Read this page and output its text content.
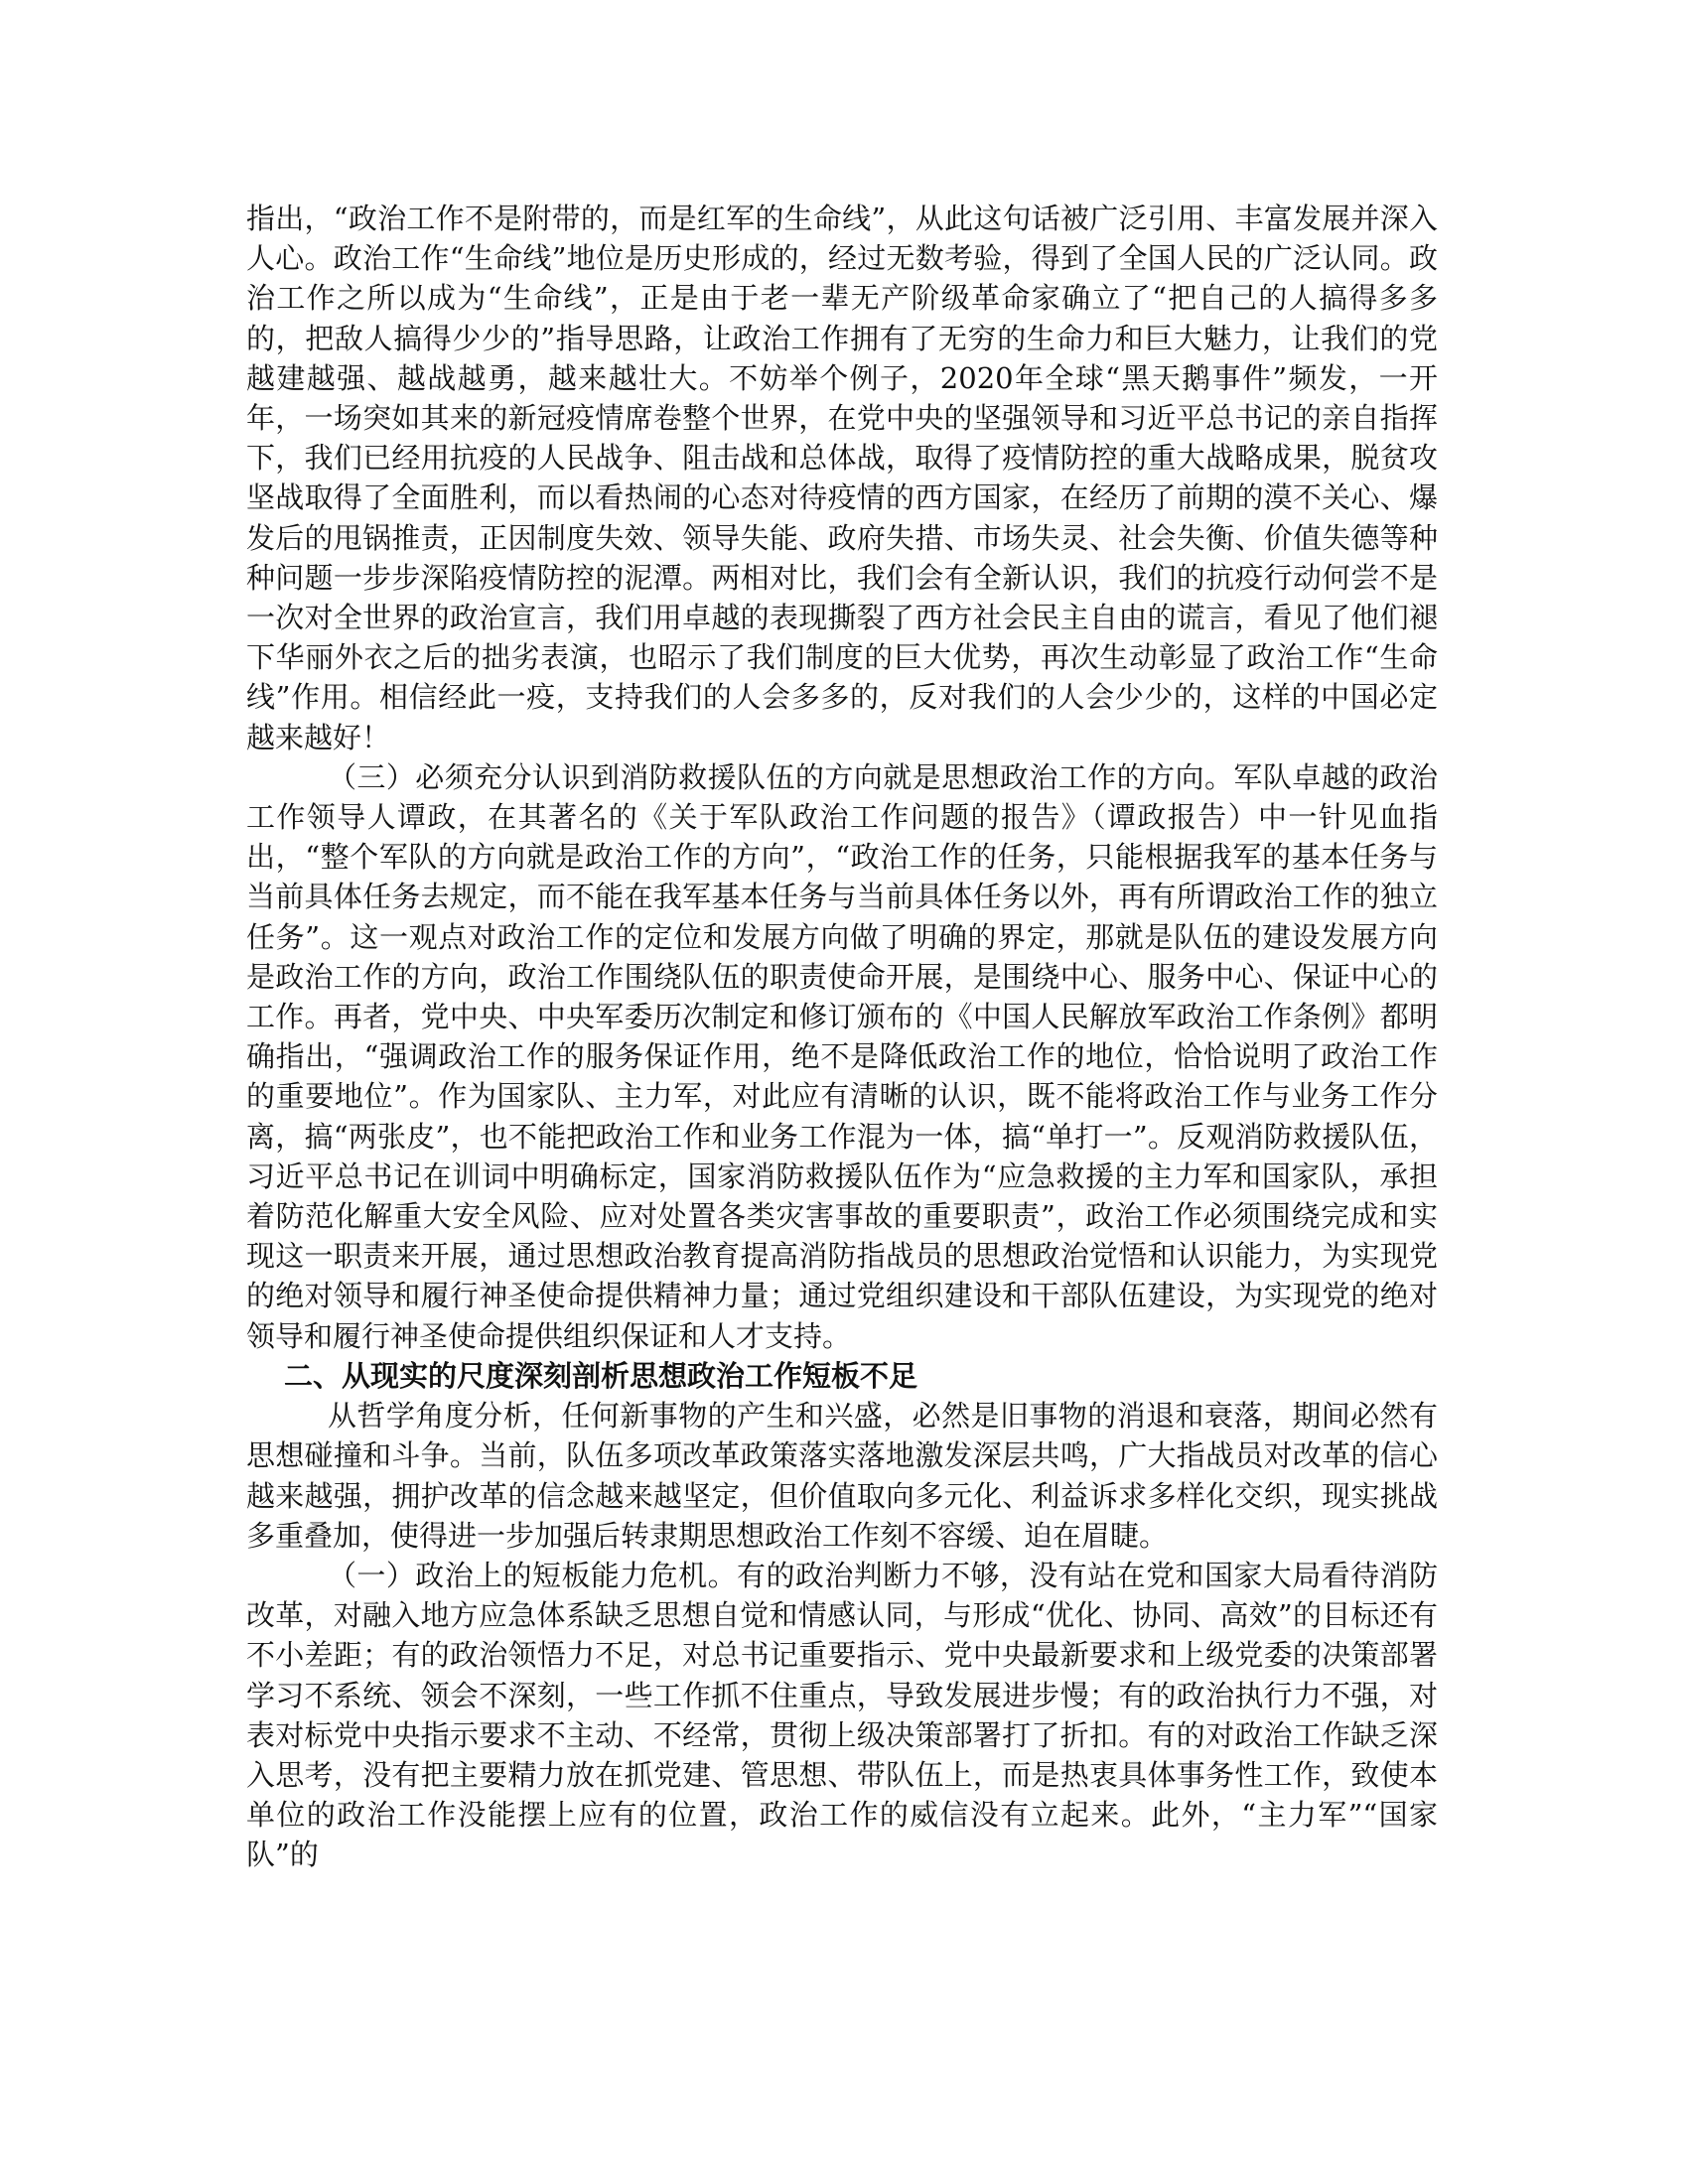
指出，“政治工作不是附带的，而是红军的生命线”，从此这句话被广泛引用、丰富发展并深入人心。政治工作“生命线”地位是历史形成的，经过无数考验，得到了全国人民的广泛认同。政治工作之所以成为“生命线”，正是由于老一辈无产阶级革命家确立了“把自己的人搞得多多的，把敌人搞得少少的”指导思路，让政治工作拥有了无穷的生命力和巨大魅力，让我们的党越建越强、越战越勇，越来越壮大。不妨举个例子，2020年全球“黑天鹅事件”频发，一开年，一场突如其来的新冠疫情席卷整个世界，在党中央的坚强领导和习近平总书记的亲自指挥下，我们已经用抗疫的人民战争、阻击战和总体战，取得了疫情防控的重大战略成果，脱贫攻坚战取得了全面胜利，而以看热闹的心态对待疫情的西方国家，在经历了前期的漠不关心、爆发后的甩锅推责，正因制度失效、领导失能、政府失措、市场失灵、社会失衡、价值失德等种种问题一步步深陷疫情防控的泥潭。两相对比，我们会有全新认识，我们的抗疫行动何尝不是一次对全世界的政治宣言，我们用卓越的表现撕裂了西方社会民主自由的谎言，看见了他们褪下华丽外衣之后的拙劣表演，也昭示了我们制度的巨大优势，再次生动彰显了政治工作“生命线”作用。相信经此一疫，支持我们的人会多多的，反对我们的人会少少的，这样的中国必定越来越好！

（三）必须充分认识到消防救援队伍的方向就是思想政治工作的方向。军队卓越的政治工作领导人谭政，在其著名的《关于军队政治工作问题的报告》（谭政报告）中一针见血指出，“整个军队的方向就是政治工作的方向”，“政治工作的任务，只能根据我军的基本任务与当前具体任务去规定，而不能在我军基本任务与当前具体任务以外，再有所谓政治工作的独立任务”。这一观点对政治工作的定位和发展方向做了明确的界定，那就是队伍的建设发展方向是政治工作的方向，政治工作围绕队伍的职责使命开展，是围绕中心、服务中心、保证中心的工作。再者，党中央、中央军委历次制定和修订颁布的《中国人民解放军政治工作条例》都明确指出，“强调政治工作的服务保证作用，绝不是降低政治工作的地位，恰恰说明了政治工作的重要地位”。作为国家队、主力军，对此应有清晰的认识，既不能将政治工作与业务工作分离，搞“两张皮”，也不能把政治工作和业务工作混为一体，搞“单打一”。反观消防救援队伍，习近平总书记在训词中明确标定，国家消防救援队伍作为“应急救援的主力军和国家队，承担着防范化解重大安全风险、应对处置各类灾害事故的重要职责”，政治工作必须围绕完成和实现这一职责来开展，通过思想政治教育提高消防指战员的思想政治觉悟和认识能力，为实现党的绝对领导和履行神圣使命提供精神力量；通过党组织建设和干部队伍建设，为实现党的绝对领导和履行神圣使命提供组织保证和人才支持。

二、从现实的尺度深刻剖析思想政治工作短板不足

从哲学角度分析，任何新事物的产生和兴盛，必然是旧事物的消退和衰落，期间必然有思想碰撞和斗争。当前，队伍多项改革政策落实落地激发深层共鸣，广大指战员对改革的信心越来越强，拥护改革的信念越来越坚定，但价值取向多元化、利益诉求多样化交织，现实挑战多重叠加，使得进一步加强后转隶期思想政治工作刻不容缓、迫在眉睫。

（一）政治上的短板能力危机。有的政治判断力不够，没有站在党和国家大局看待消防改革，对融入地方应急体系缺乏思想自觉和情感认同，与形成“优化、协同、高效”的目标还有不小差距；有的政治领悟力不足，对总书记重要指示、党中央最新要求和上级党委的决策部署学习不系统、领会不深刻，一些工作抓不住重点，导致发展进步慢；有的政治执行力不强，对表对标党中央指示要求不主动、不经常，贯彻上级决策部署打了折扣。有的对政治工作缺乏深入思考，没有把主要精力放在抓党建、管思想、带队伍上，而是热衷具体事务性工作，致使本单位的政治工作没能摆上应有的位置，政治工作的威信没有立起来。此外，“主力军”“国家队”的
